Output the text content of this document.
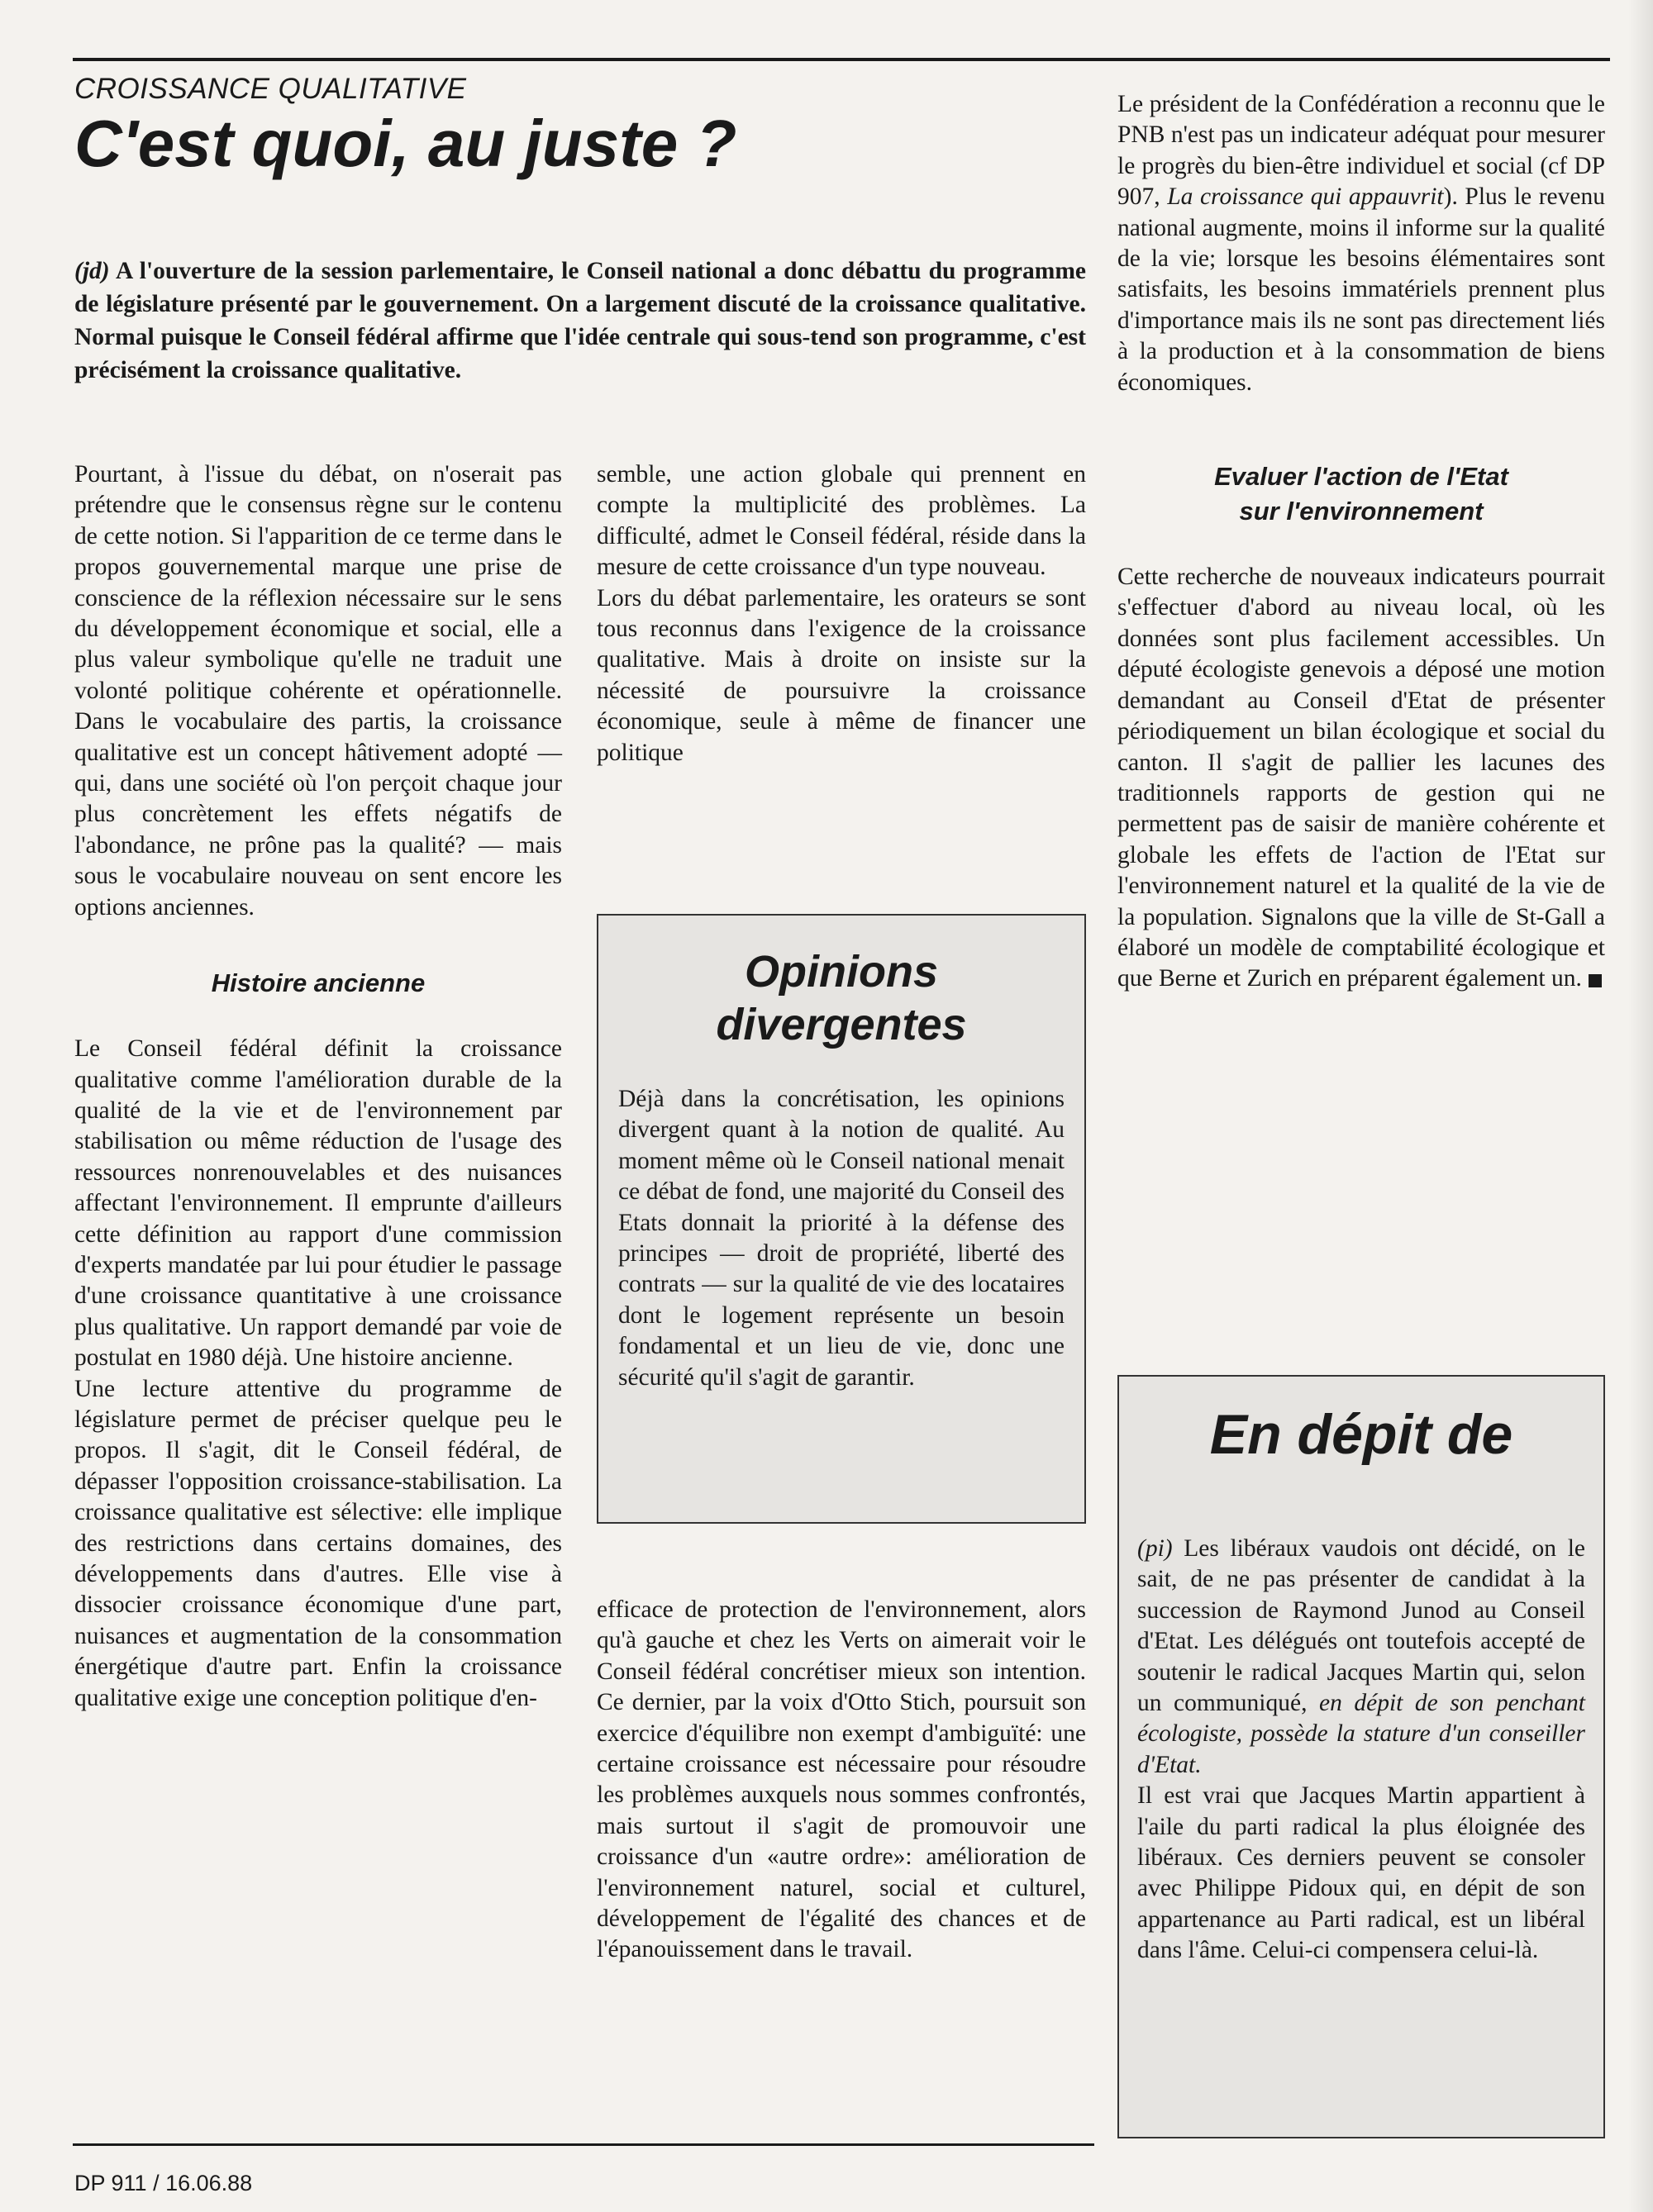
CROISSANCE QUALITATIVE

C'est quoi, au juste ?

(jd) A l'ouverture de la session parlementaire, le Conseil national a donc débattu du programme de législature présenté par le gouvernement. On a largement discuté de la croissance qualitative. Normal puisque le Conseil fédéral affirme que l'idée centrale qui sous-tend son programme, c'est précisément la croissance qualitative.

Pourtant, à l'issue du débat, on n'oserait pas prétendre que le consensus règne sur le contenu de cette notion. Si l'apparition de ce terme dans le propos gouvernemental marque une prise de conscience de la réflexion nécessaire sur le sens du développement économique et social, elle a plus valeur symbolique qu'elle ne traduit une volonté politique cohérente et opérationnelle. Dans le vocabulaire des partis, la croissance qualitative est un concept hâtivement adopté — qui, dans une société où l'on perçoit chaque jour plus concrètement les effets négatifs de l'abondance, ne prône pas la qualité? — mais sous le vocabulaire nouveau on sent encore les options anciennes.

Histoire ancienne

Le Conseil fédéral définit la croissance qualitative comme l'amélioration durable de la qualité de la vie et de l'environnement par stabilisation ou même réduction de l'usage des ressources nonrenouvelables et des nuisances affectant l'environnement. Il emprunte d'ailleurs cette définition au rapport d'une commission d'experts mandatée par lui pour étudier le passage d'une croissance quantitative à une croissance plus qualitative. Un rapport demandé par voie de postulat en 1980 déjà. Une histoire ancienne.

Une lecture attentive du programme de législature permet de préciser quelque peu le propos. Il s'agit, dit le Conseil fédéral, de dépasser l'opposition croissance-stabilisation. La croissance qualitative est sélective: elle implique des restrictions dans certains domaines, des développements dans d'autres. Elle vise à dissocier croissance économique d'une part, nuisances et augmentation de la consommation énergétique d'autre part. Enfin la croissance qualitative exige une conception politique d'en-

semble, une action globale qui prennent en compte la multiplicité des problèmes. La difficulté, admet le Conseil fédéral, réside dans la mesure de cette croissance d'un type nouveau.

Lors du débat parlementaire, les orateurs se sont tous reconnus dans l'exigence de la croissance qualitative. Mais à droite on insiste sur la nécessité de poursuivre la croissance économique, seule à même de financer une politique

Opinions

divergentes

Déjà dans la concrétisation, les opinions divergent quant à la notion de qualité. Au moment même où le Conseil national menait ce débat de fond, une majorité du Conseil des Etats donnait la priorité à la défense des principes — droit de propriété, liberté des contrats — sur la qualité de vie des locataires dont le logement représente un besoin fondamental et un lieu de vie, donc une sécurité qu'il s'agit de garantir.

efficace de protection de l'environnement, alors qu'à gauche et chez les Verts on aimerait voir le Conseil fédéral concrétiser mieux son intention. Ce dernier, par la voix d'Otto Stich, poursuit son exercice d'équilibre non exempt d'ambiguïté: une certaine croissance est nécessaire pour résoudre les problèmes auxquels nous sommes confrontés, mais surtout il s'agit de promouvoir une croissance d'un «autre ordre»: amélioration de l'environnement naturel, social et culturel, développement de l'égalité des chances et de l'épanouissement dans le travail.

Le président de la Confédération a reconnu que le PNB n'est pas un indicateur adéquat pour mesurer le progrès du bien-être individuel et social (cf DP 907, La croissance qui appauvrit). Plus le revenu national augmente, moins il informe sur la qualité de la vie; lorsque les besoins élémentaires sont satisfaits, les besoins immatériels prennent plus d'importance mais ils ne sont pas directement liés à la production et à la consommation de biens économiques.

Evaluer l'action de l'Etat
sur l'environnement

Cette recherche de nouveaux indicateurs pourrait s'effectuer d'abord au niveau local, où les données sont plus facilement accessibles. Un député écologiste genevois a déposé une motion demandant au Conseil d'Etat de présenter périodiquement un bilan écologique et social du canton. Il s'agit de pallier les lacunes des traditionnels rapports de gestion qui ne permettent pas de saisir de manière cohérente et globale les effets de l'action de l'Etat sur l'environnement naturel et la qualité de la vie de la population. Signalons que la ville de St-Gall a élaboré un modèle de comptabilité écologique et que Berne et Zurich en préparent également un.

En dépit de

(pi) Les libéraux vaudois ont décidé, on le sait, de ne pas présenter de candidat à la succession de Raymond Junod au Conseil d'Etat. Les délégués ont toutefois accepté de soutenir le radical Jacques Martin qui, selon un communiqué, en dépit de son penchant écologiste, possède la stature d'un conseiller d'Etat.

Il est vrai que Jacques Martin appartient à l'aile du parti radical la plus éloignée des libéraux. Ces derniers peuvent se consoler avec Philippe Pidoux qui, en dépit de son appartenance au Parti radical, est un libéral dans l'âme. Celui-ci compensera celui-là.

DP 911 / 16.06.88
